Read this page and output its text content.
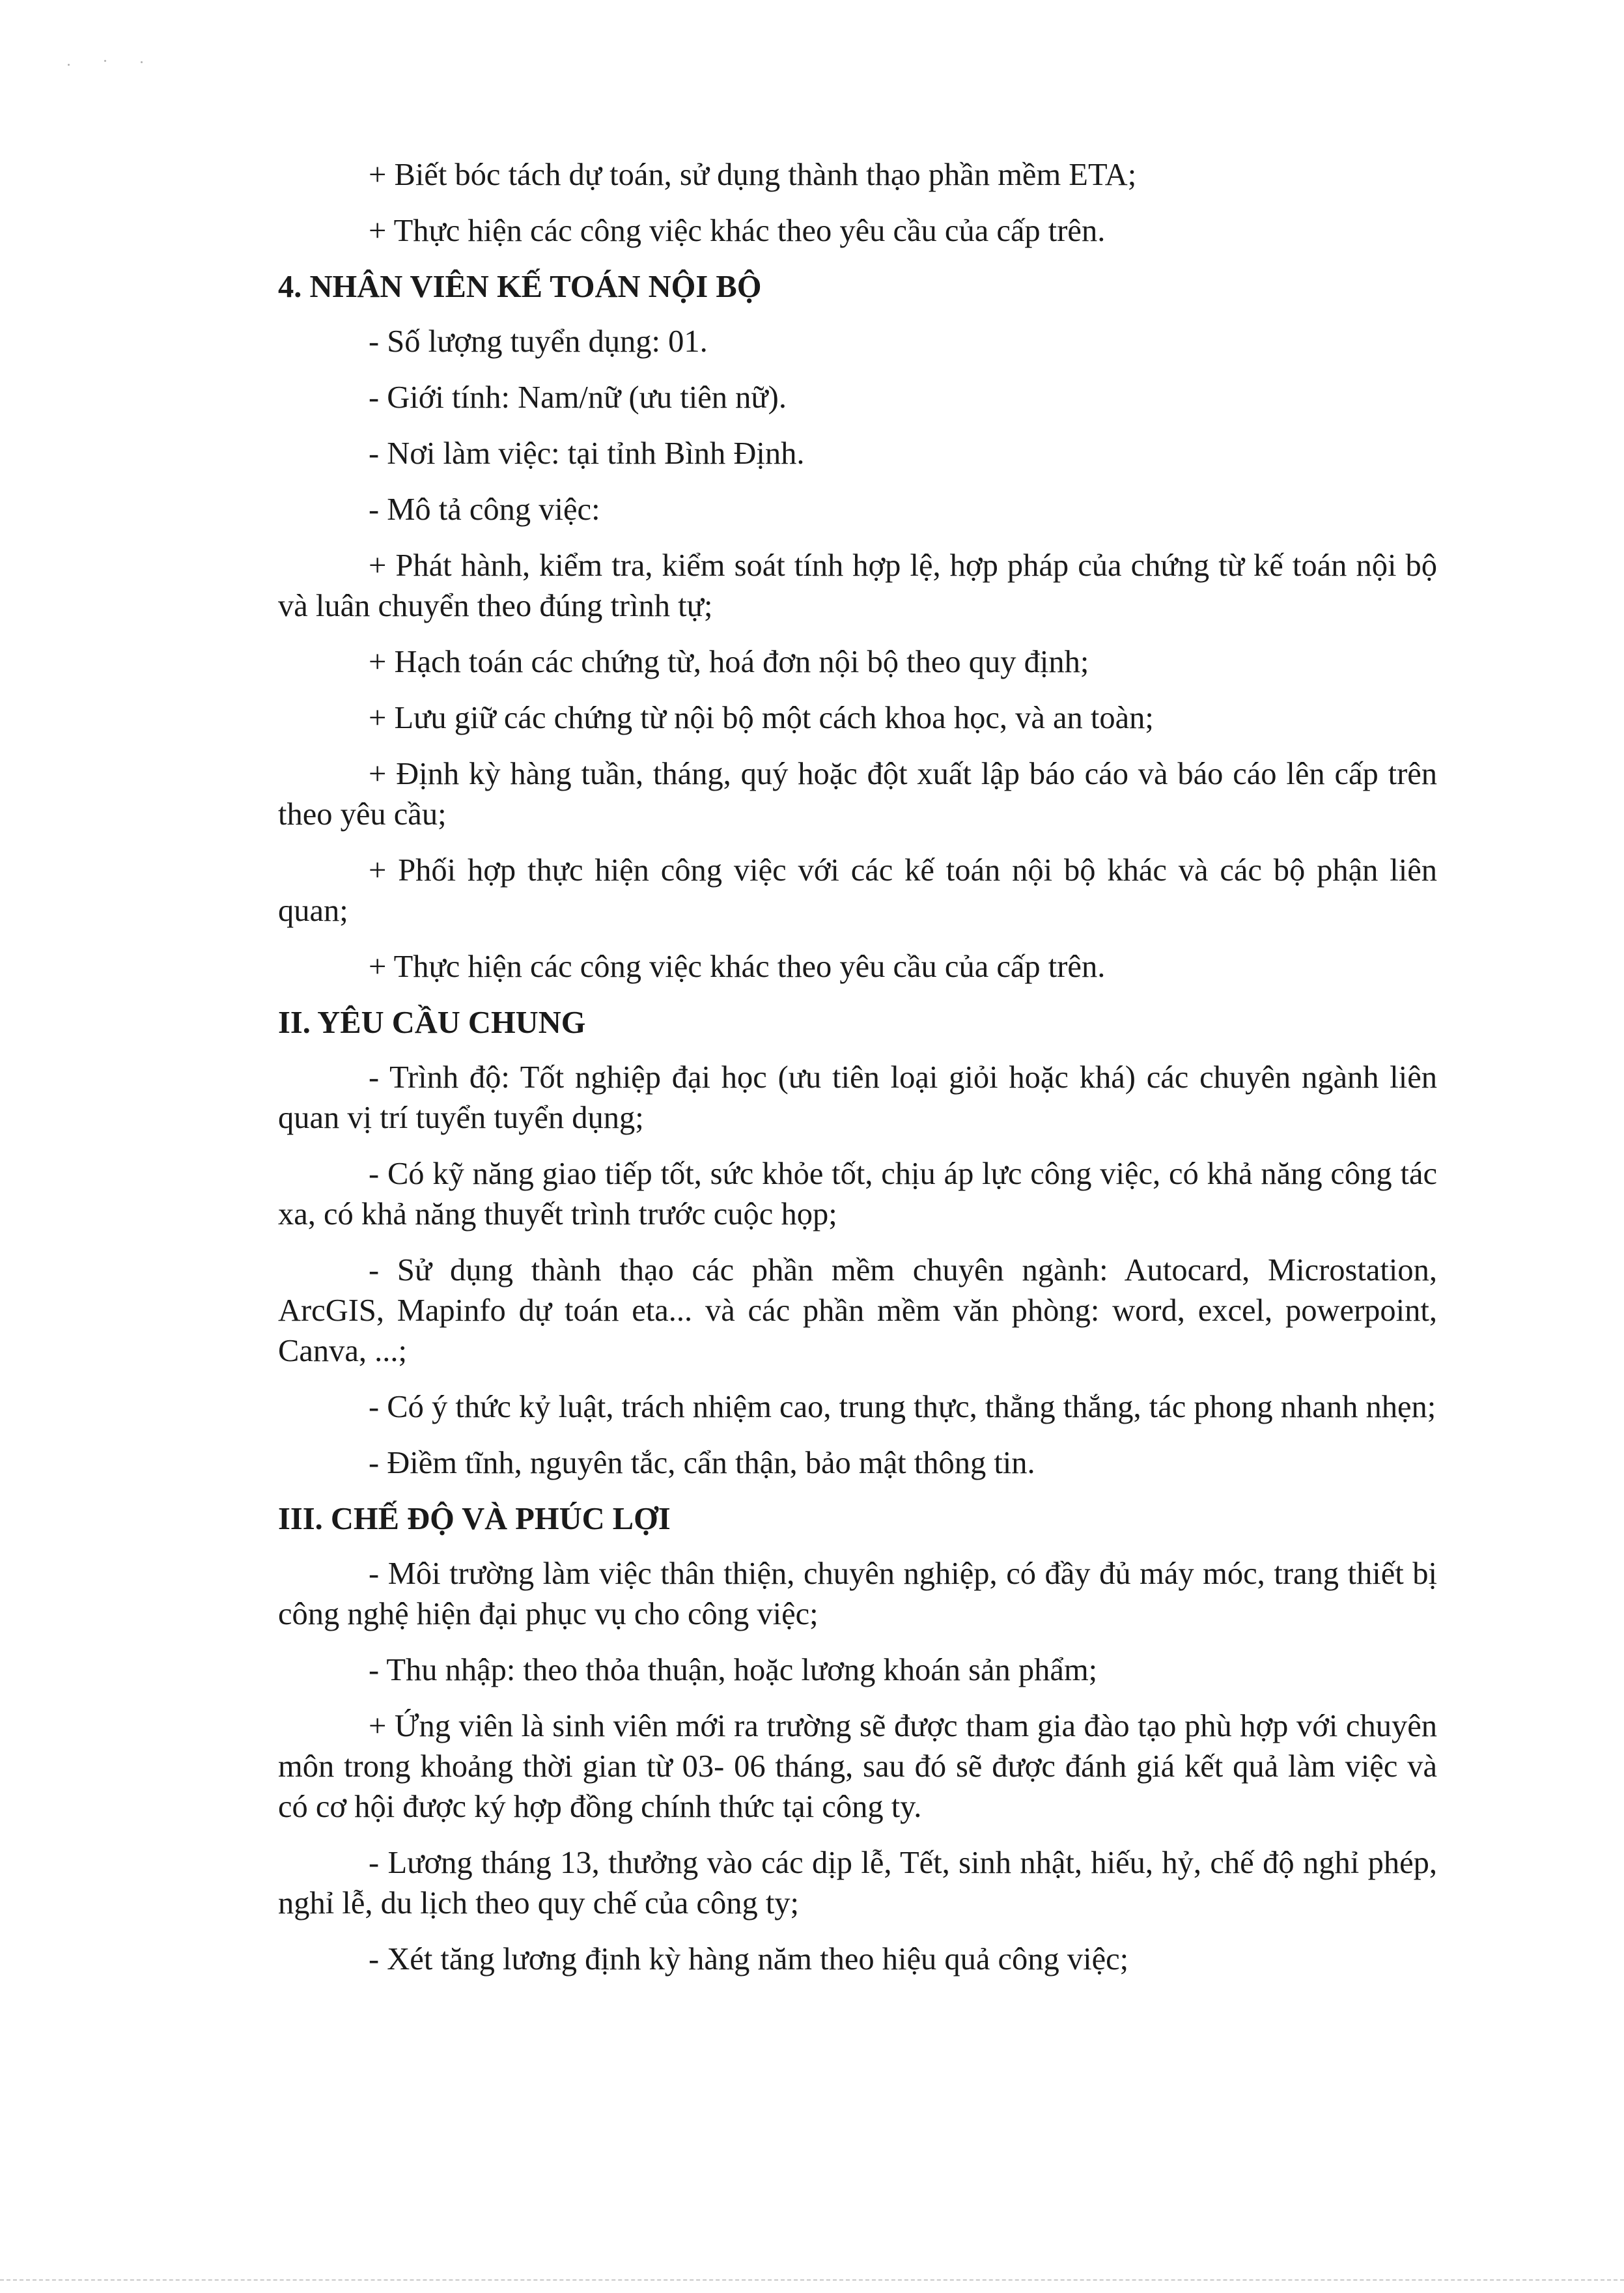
+ Biết bóc tách dự toán, sử dụng thành thạo phần mềm ETA;

+ Thực hiện các công việc khác theo yêu cầu của cấp trên.

4. NHÂN VIÊN KẾ TOÁN NỘI BỘ

- Số lượng tuyển dụng: 01.

- Giới tính: Nam/nữ (ưu tiên nữ).

- Nơi làm việc: tại tỉnh Bình Định.

- Mô tả công việc:

+ Phát hành, kiểm tra, kiểm soát tính hợp lệ, hợp pháp của chứng từ kế toán nội bộ và luân chuyển theo đúng trình tự;

+ Hạch toán các chứng từ, hoá đơn nội bộ theo quy định;

+ Lưu giữ các chứng từ nội bộ một cách khoa học, và an toàn;

+ Định kỳ hàng tuần, tháng, quý hoặc đột xuất lập báo cáo và báo cáo lên cấp trên theo yêu cầu;

+ Phối hợp thực hiện công việc với các kế toán nội bộ khác và các bộ phận liên quan;

+ Thực hiện các công việc khác theo yêu cầu của cấp trên.

II. YÊU CẦU CHUNG

- Trình độ: Tốt nghiệp đại học (ưu tiên loại giỏi hoặc khá) các chuyên ngành liên quan vị trí tuyển tuyển dụng;

- Có kỹ năng giao tiếp tốt, sức khỏe tốt, chịu áp lực công việc, có khả năng công tác xa, có khả năng thuyết trình trước cuộc họp;

- Sử dụng thành thạo các phần mềm chuyên ngành: Autocard, Microstation, ArcGIS, Mapinfo dự toán eta... và các phần mềm văn phòng: word, excel, powerpoint, Canva, ...;

- Có ý thức kỷ luật, trách nhiệm cao, trung thực, thẳng thắng, tác phong nhanh nhẹn;

- Điềm tĩnh, nguyên tắc, cẩn thận, bảo mật thông tin.

III. CHẾ ĐỘ VÀ PHÚC LỢI

- Môi trường làm việc thân thiện, chuyên nghiệp, có đầy đủ máy móc, trang thiết bị công nghệ hiện đại phục vụ cho công việc;

- Thu nhập: theo thỏa thuận, hoặc lương khoán sản phẩm;

+ Ứng viên là sinh viên mới ra trường sẽ được tham gia đào tạo phù hợp với chuyên môn trong khoảng thời gian từ 03- 06 tháng, sau đó sẽ được đánh giá kết quả làm việc và có cơ hội được ký hợp đồng chính thức tại công ty.

- Lương tháng 13, thưởng vào các dịp lễ, Tết, sinh nhật, hiếu, hỷ, chế độ nghỉ phép, nghỉ lễ, du lịch theo quy chế của công ty;

- Xét tăng lương định kỳ hàng năm theo hiệu quả công việc;
